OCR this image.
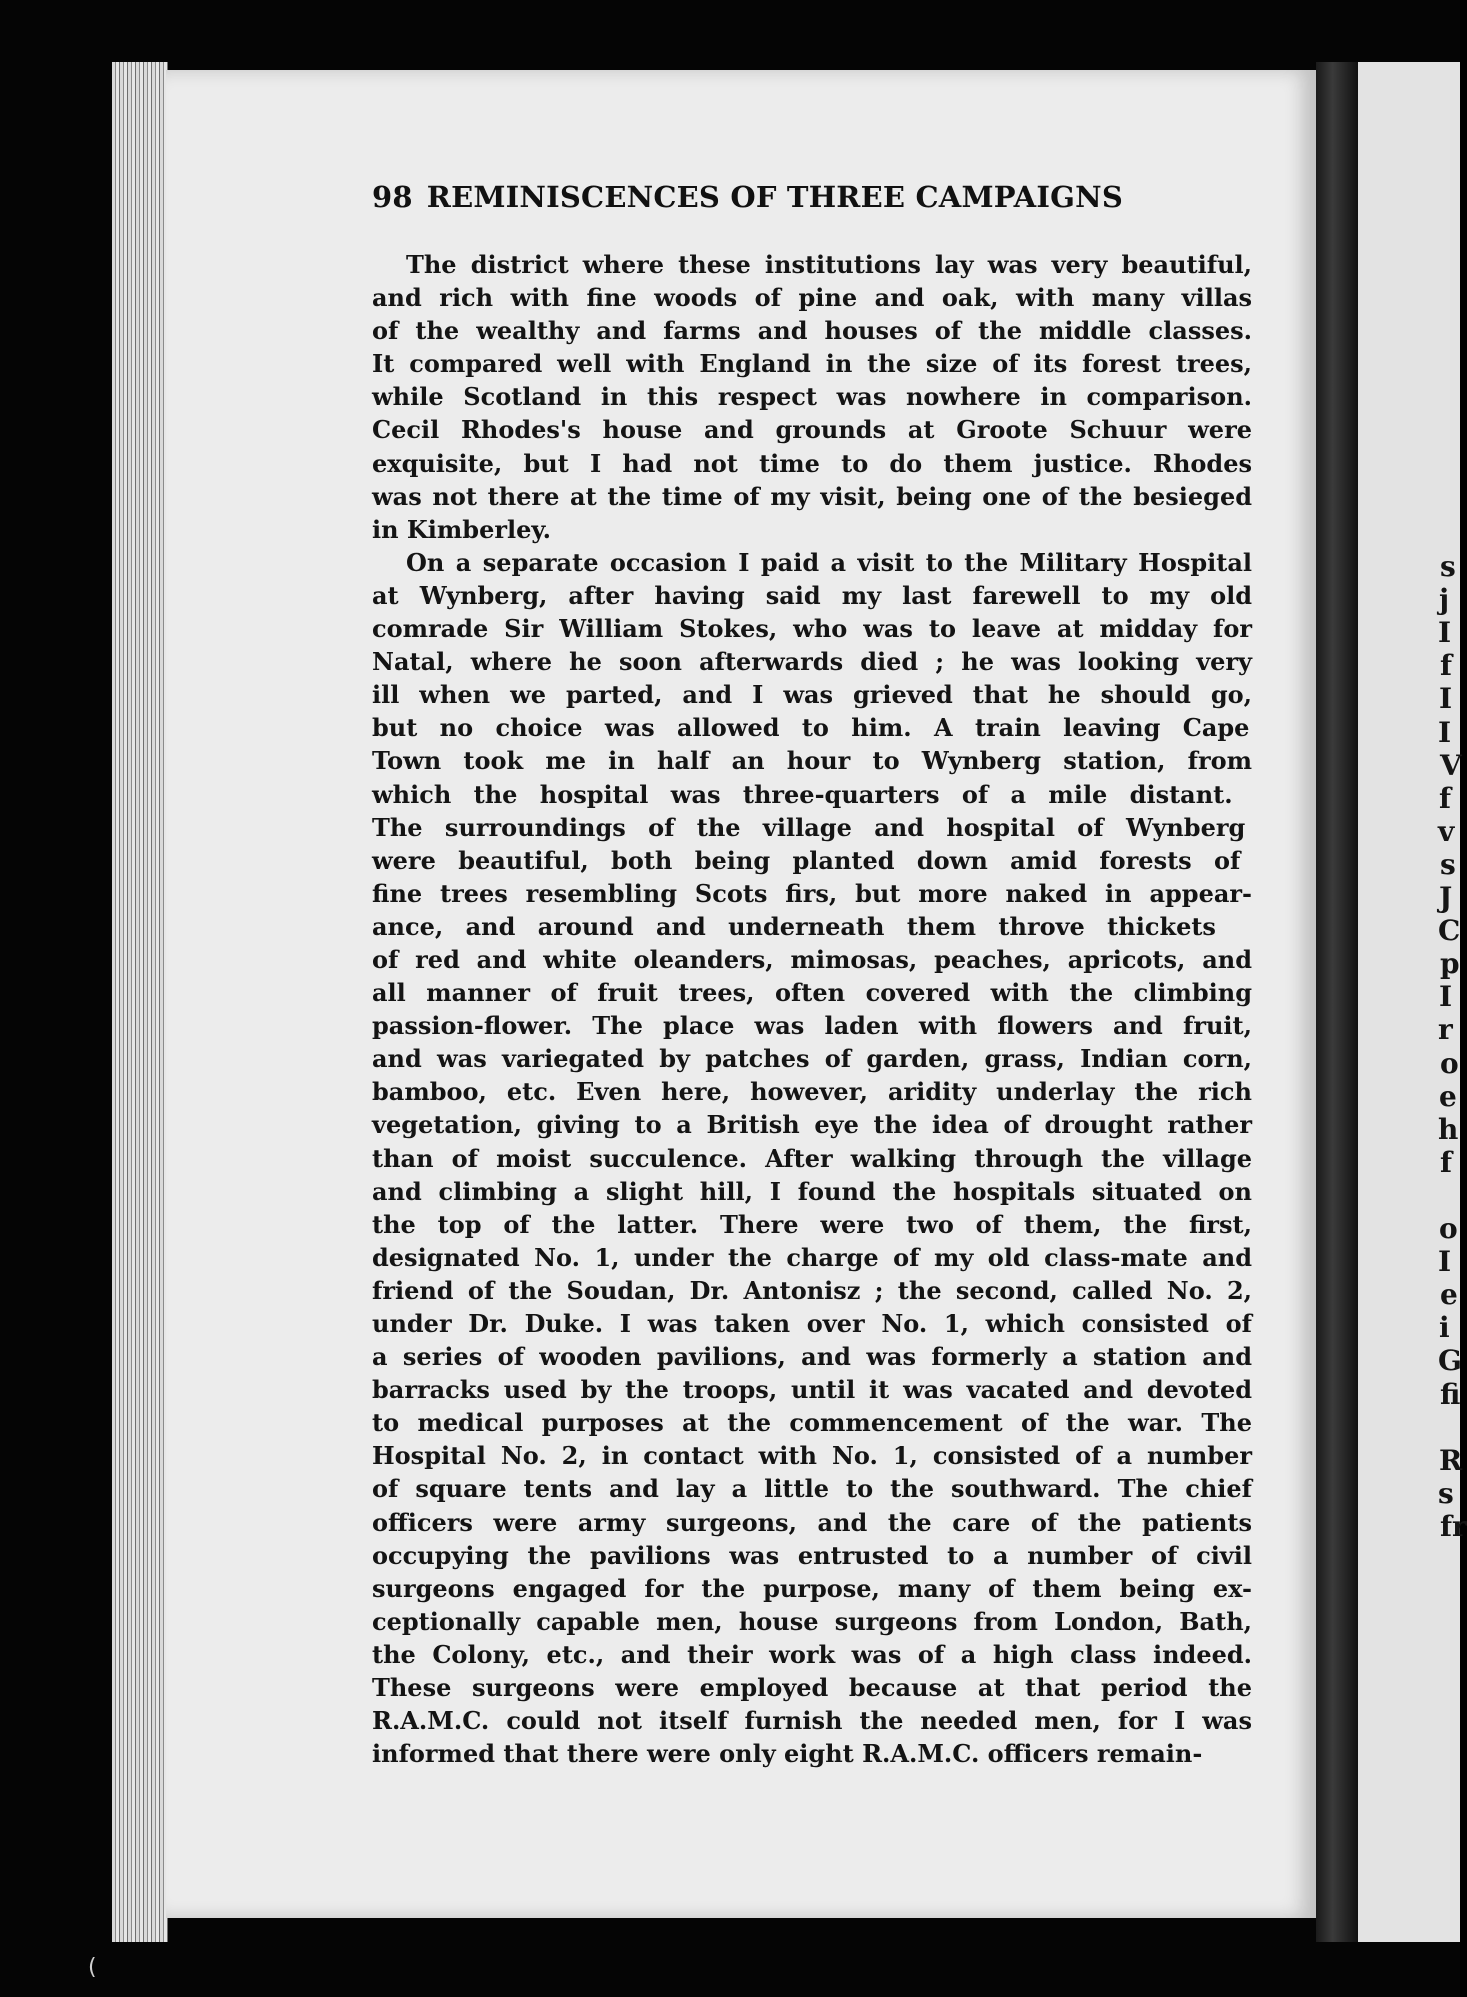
98 REMINISCENCES OF THREE CAMPAIGNS
The district where these institutions lay was very beautiful,
and rich with fine woods of pine and oak, with many villas
of the wealthy and farms and houses of the middle classes.
It compared well with England in the size of its forest trees,
while Scotland in this respect was nowhere in comparison.
Cecil Rhodes's house and grounds at Groote Schuur were
exquisite, but I had not time to do them justice. Rhodes
was not there at the time of my visit, being one of the besieged
in Kimberley.
On a separate occasion I paid a visit to the Military Hospital
at Wynberg, after having said my last farewell to my old
comrade Sir William Stokes, who was to leave at midday for
Natal, where he soon afterwards died ; he was looking very
ill when we parted, and I was grieved that he should go,
but no choice was allowed to him. A train leaving Cape
Town took me in half an hour to Wynberg station, from
which the hospital was three-quarters of a mile distant.
The surroundings of the village and hospital of Wynberg
were beautiful, both being planted down amid forests of
fine trees resembling Scots firs, but more naked in appear-
ance, and around and underneath them throve thickets
of red and white oleanders, mimosas, peaches, apricots, and
all manner of fruit trees, often covered with the climbing
passion-flower. The place was laden with flowers and fruit,
and was variegated by patches of garden, grass, Indian corn,
bamboo, etc. Even here, however, aridity underlay the rich
vegetation, giving to a British eye the idea of drought rather
than of moist succulence. After walking through the village
and climbing a slight hill, I found the hospitals situated on
the top of the latter. There were two of them, the first,
designated No. 1, under the charge of my old class-mate and
friend of the Soudan, Dr. Antonisz ; the second, called No. 2,
under Dr. Duke. I was taken over No. 1, which consisted of
a series of wooden pavilions, and was formerly a station and
barracks used by the troops, until it was vacated and devoted
to medical purposes at the commencement of the war. The
Hospital No. 2, in contact with No. 1, consisted of a number
of square tents and lay a little to the southward. The chief
officers were army surgeons, and the care of the patients
occupying the pavilions was entrusted to a number of civil
surgeons engaged for the purpose, many of them being ex-
ceptionally capable men, house surgeons from London, Bath,
the Colony, etc., and their work was of a high class indeed.
These surgeons were employed because at that period the
R.A.M.C. could not itself furnish the needed men, for I was
informed that there were only eight R.A.M.C. officers remain-
s
j
I
f
I
I
V
f
v
s
J
C
p
I
r
o
e
h
f
o
I
e
i
G
fi
R
s
fr
(
